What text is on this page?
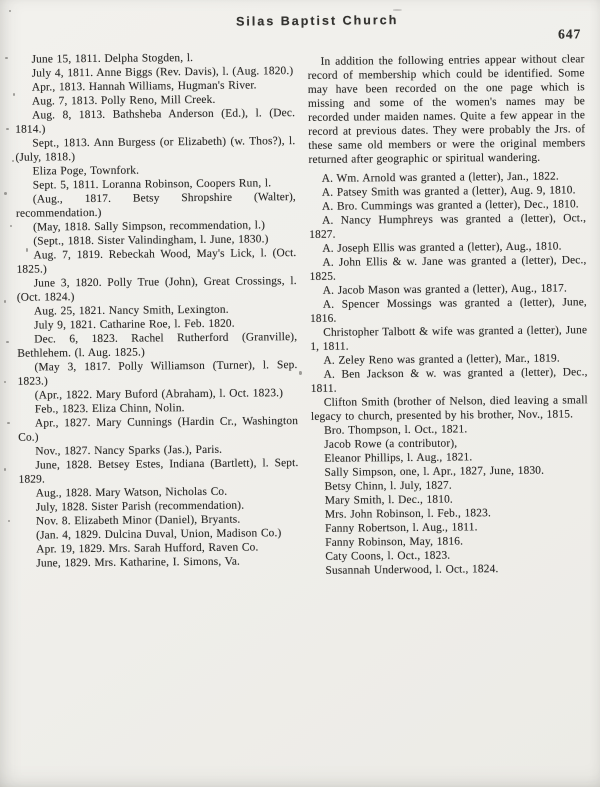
Silas Baptist Church
647

June 15, 1811. Delpha Stogden, l.

July 4, 1811. Anne Biggs (Rev. Davis), l. (Aug. 1820.)

Apr., 1813. Hannah Williams, Hugman's River.

Aug. 7, 1813. Polly Reno, Mill Creek.

Aug. 8, 1813. Bathsheba Anderson (Ed.), l. (Dec. 1814.)

Sept., 1813. Ann Burgess (or Elizabeth) (w. Thos?), l. (July, 1818.)

Eliza Poge, Townfork.

Sept. 5, 1811. Loranna Robinson, Coopers Run, l.

(Aug., 1817. Betsy Shropshire (Walter), recommendation.)

(May, 1818. Sally Simpson, recommendation, l.)

(Sept., 1818. Sister Valindingham, l. June, 1830.)

Aug. 7, 1819. Rebeckah Wood, May's Lick, l. (Oct. 1825.)

June 3, 1820. Polly True (John), Great Crossings, l. (Oct. 1824.)

Aug. 25, 1821. Nancy Smith, Lexington.

July 9, 1821. Catharine Roe, l. Feb. 1820.

Dec. 6, 1823. Rachel Rutherford (Granville), Bethlehem. (l. Aug. 1825.)

(May 3, 1817. Polly Williamson (Turner), l. Sep. 1823.)

(Apr., 1822. Mary Buford (Abraham), l. Oct. 1823.)

Feb., 1823. Eliza Chinn, Nolin.

Apr., 1827. Mary Cunnings (Hardin Cr., Washington Co.)

Nov., 1827. Nancy Sparks (Jas.), Paris.

June, 1828. Betsey Estes, Indiana (Bartlett), l. Sept. 1829.

Aug., 1828. Mary Watson, Nicholas Co.

July, 1828. Sister Parish (recommendation).

Nov. 8. Elizabeth Minor (Daniel), Bryants.

(Jan. 4, 1829. Dulcina Duval, Union, Madison Co.)

Apr. 19, 1829. Mrs. Sarah Hufford, Raven Co.

June, 1829. Mrs. Katharine, I. Simons, Va.

In addition the following entries appear without clear record of membership which could be identified. Some may have been recorded on the one page which is missing and some of the women's names may be recorded under maiden names. Quite a few appear in the record at previous dates. They were probably the Jrs. of these same old members or were the original members returned after geographic or spiritual wandering.

A. Wm. Arnold was granted a (letter), Jan., 1822.

A. Patsey Smith was granted a (letter), Aug. 9, 1810.

A. Bro. Cummings was granted a (letter), Dec., 1810.

A. Nancy Humphreys was granted a (letter), Oct., 1827.

A. Joseph Ellis was granted a (letter), Aug., 1810.

A. John Ellis & w. Jane was granted a (letter), Dec., 1825.

A. Jacob Mason was granted a (letter), Aug., 1817.

A. Spencer Mossings was granted a (letter), June, 1816.

Christopher Talbott & wife was granted a (letter), June 1, 1811.

A. Zeley Reno was granted a (letter), Mar., 1819.

A. Ben Jackson & w. was granted a (letter), Dec., 1811.

Clifton Smith (brother of Nelson, died leaving a small legacy to church, presented by his brother, Nov., 1815.

Bro. Thompson, l. Oct., 1821.

Jacob Rowe (a contributor),

Eleanor Phillips, l. Aug., 1821.

Sally Simpson, one, l. Apr., 1827, June, 1830.

Betsy Chinn, l. July, 1827.

Mary Smith, l. Dec., 1810.

Mrs. John Robinson, l. Feb., 1823.

Fanny Robertson, l. Aug., 1811.

Fanny Robinson, May, 1816.

Caty Coons, l. Oct., 1823.

Susannah Underwood, l. Oct., 1824.
